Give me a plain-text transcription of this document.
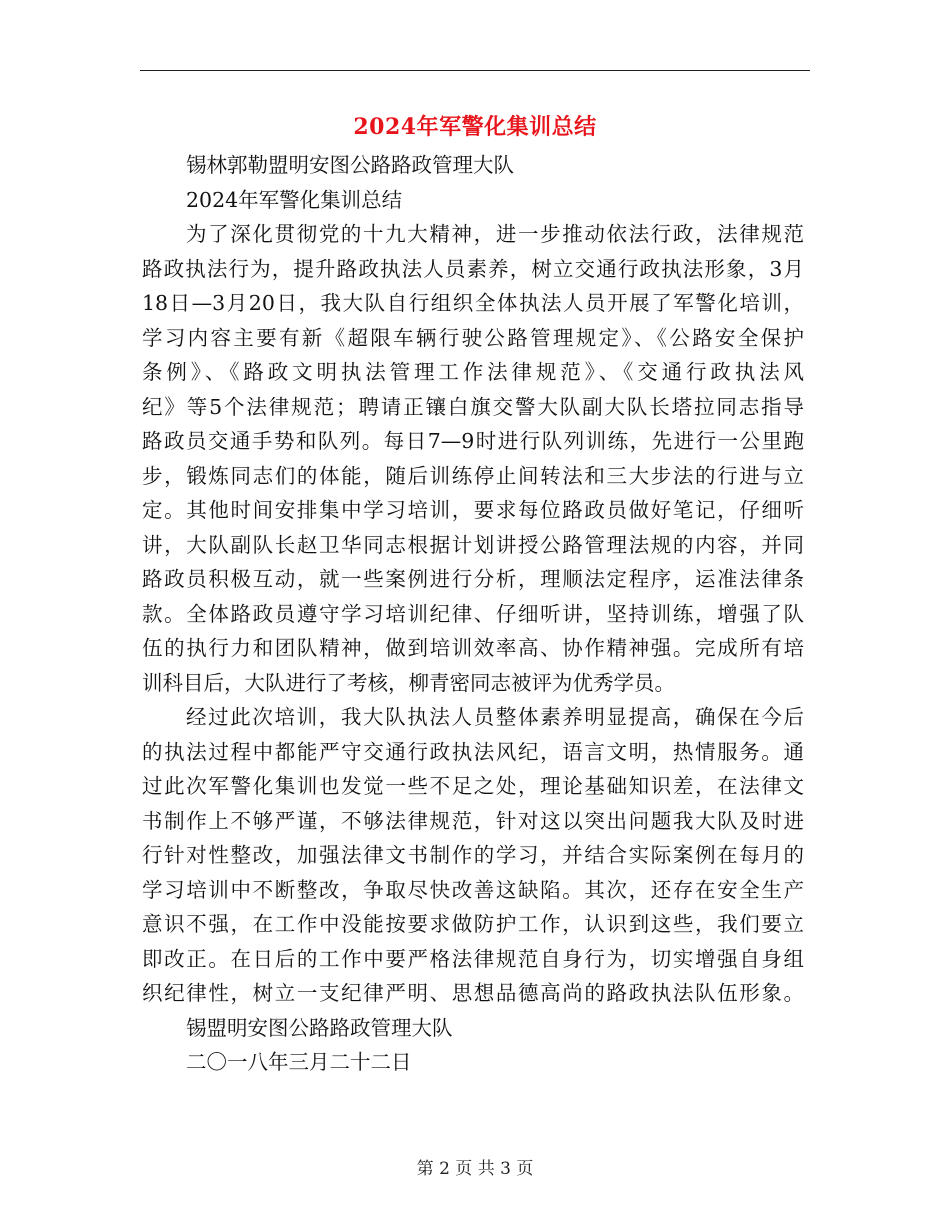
2024年军警化集训总结
锡林郭勒盟明安图公路路政管理大队
2024年军警化集训总结
为了深化贯彻党的十九大精神，进一步推动依法行政，法律规范
路政执法行为，提升路政执法人员素养，树立交通行政执法形象，3月
18日—3月20日，我大队自行组织全体执法人员开展了军警化培训，
学习内容主要有新《超限车辆行驶公路管理规定》、《公路安全保护
条例》、《路政文明执法管理工作法律规范》、《交通行政执法风
纪》等5个法律规范；聘请正镶白旗交警大队副大队长塔拉同志指导
路政员交通手势和队列。每日7—9时进行队列训练，先进行一公里跑
步，锻炼同志们的体能，随后训练停止间转法和三大步法的行进与立
定。其他时间安排集中学习培训，要求每位路政员做好笔记，仔细听
讲，大队副队长赵卫华同志根据计划讲授公路管理法规的内容，并同
路政员积极互动，就一些案例进行分析，理顺法定程序，运准法律条
款。全体路政员遵守学习培训纪律、仔细听讲，坚持训练，增强了队
伍的执行力和团队精神，做到培训效率高、协作精神强。完成所有培
训科目后，大队进行了考核，柳青密同志被评为优秀学员。
经过此次培训，我大队执法人员整体素养明显提高，确保在今后
的执法过程中都能严守交通行政执法风纪，语言文明，热情服务。通
过此次军警化集训也发觉一些不足之处，理论基础知识差，在法律文
书制作上不够严谨，不够法律规范，针对这以突出问题我大队及时进
行针对性整改，加强法律文书制作的学习，并结合实际案例在每月的
学习培训中不断整改，争取尽快改善这缺陷。其次，还存在安全生产
意识不强，在工作中没能按要求做防护工作，认识到这些，我们要立
即改正。在日后的工作中要严格法律规范自身行为，切实增强自身组
织纪律性，树立一支纪律严明、思想品德高尚的路政执法队伍形象。
锡盟明安图公路路政管理大队
二〇一八年三月二十二日
第 2 页 共 3 页
